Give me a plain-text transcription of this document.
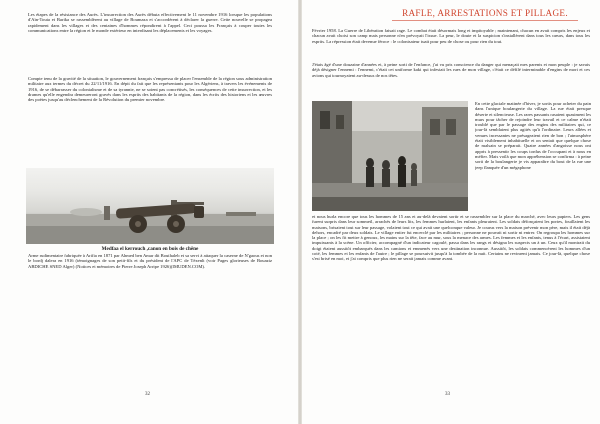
Les étapes de la résistance des Aurès. L'insurrection des Aurès débuta effectivement le 11 novembre 1916 lorsque les populations d'Aïn-Touta et Barika se rassemblèrent au village de Boumaza et s'accordèrent à déclarer la guerre. Cette nouvelle se propagea rapidement dans les villages et des centaines d'hommes répondirent à l'appel. Ceci poussa les Français à couper toutes les communications entre la région et le monde extérieur en interdisant les déplacements et les voyages.

Compte tenu de la gravité de la situation, le gouvernement français s'empressa de placer l'ensemble de la région sous administration militaire aux termes du décret du 22/11/1916. En dépit du fait que les représentants pour les Algériens, à travers les événements de 1916, de se débarrasser du colonialisme et de sa tyrannie, ne se soient pas concrétisés, les conséquences de cette insurrection, et les drames qu'elle engendra demeureront gravés dans les esprits des habitants de la région, dans les écrits des historiens et les œuvres des poètes jusqu'au déclenchement de la Révolution du premier novembre.

Medfaa el kerrouch ,canon en bois de chêne

Arme rudimentaire fabriquée à Arifia en 1871 par Ahmed ben Amar dit Bouthaleb et sa servi à attaquer la caserne de N'gaous et non le bordj dalera en 1916 (témoignages de son petit-fils et du président de l'APC de Téxenlt (voir Pages glorieuses de Bouaziz ABDICHE SNED Alger) (Notices et mémoires de Pierre Joseph Arripe 1926)(IMUDEN.COM).

32

RAFLE, ARRESTATIONS ET PILLAGE.

Février 1958. La Guerre de Libération faisait rage. Le combat était désormais long et impitoyable ; maintenant, chacun en avait compris les enjeux et chacun avait choisi son camp mais personne n'en prévoyait l'issue. La peur, le doute et la suspicion s'installèrent dans tous les cœurs, dans tous les esprits. La répression était devenue féroce : le colonisateur tuait pour peu de chose ou pour rien du tout.

J'étais âgé d'une douzaine d'années et, à peine sorti de l'enfance, j'ai vu pris conscience du danger qui menaçait mes parents et mon peuple : je savais déjà désigner l'ennemi : l'ennemi, c'était cet uniforme kaki qui infestait les rues de mon village, c'était ce défilé interminable d'engins de mort et ces avions qui tournoyaient au-dessus de nos têtes.

En cette glaciale matinée d'hiver, je sortis pour acheter du pain dans l'unique boulangerie du village. La rue était presque déserte et silencieuse. Les rares passants rasaient quasiment les murs pour tâcher de rejoindre leur travail et ce calme n'était troublé que par le passage des engins des militaires qui, ce jour-là semblaient plus agités qu'à l'ordinaire. Leurs allées et venues incessantes ne présageaient rien de bon ; l'atmosphère était visiblement inhabituelle et on sentait que quelque chose de malsain se préparait. Quatre années d'angoisse nous ont appris à pressentir les coups tordus de l'occupant et à nous en méfier. Mais voilà que mon appréhension se confirma : à peine sorti de la boulangerie je vis apparaître du bout de la rue une jeep flanquée d'un mégaphone

et nous hurla encore que tous les hommes de 15 ans et au-delà devaient sortir et se rassembler sur la place du marché, avec leurs papiers. Les gens furent surpris dans leur sommeil, arrachés de leurs lits, les femmes hurlaient, les enfants pleuraient. Les soldats défonçaient les portes, fouillaient les maisons, brisaient tout sur leur passage, volaient tout ce qui avait une quelconque valeur. Je courus vers la maison prévenir mon père, mais il était déjà dehors, encadré par deux soldats. Le village entier fut encerclé par les militaires ; personne ne pouvait ni sortir ni entrer. On regroupa les hommes sur la place ; on les fit mettre à genoux, les mains sur la tête, face au mur, sous la menace des armes. Les femmes et les enfants, tenus à l'écart, assistaient impuissants à la scène. Un officier, accompagné d'un indicateur cagoulé, passa dans les rangs et désigna les suspects un à un. Ceux qu'il montrait du doigt étaient aussitôt embarqués dans les camions et emmenés vers une destination inconnue. Aussitôt, les soldats commencèrent les hommes d'un coté, les femmes et les enfants de l'autre ; le pillage se poursuivit jusqu'à la tombée de la nuit. Certains ne revinrent jamais. Ce jour-là, quelque chose s'est brisé en moi, et j'ai compris que plus rien ne serait jamais comme avant.

33
